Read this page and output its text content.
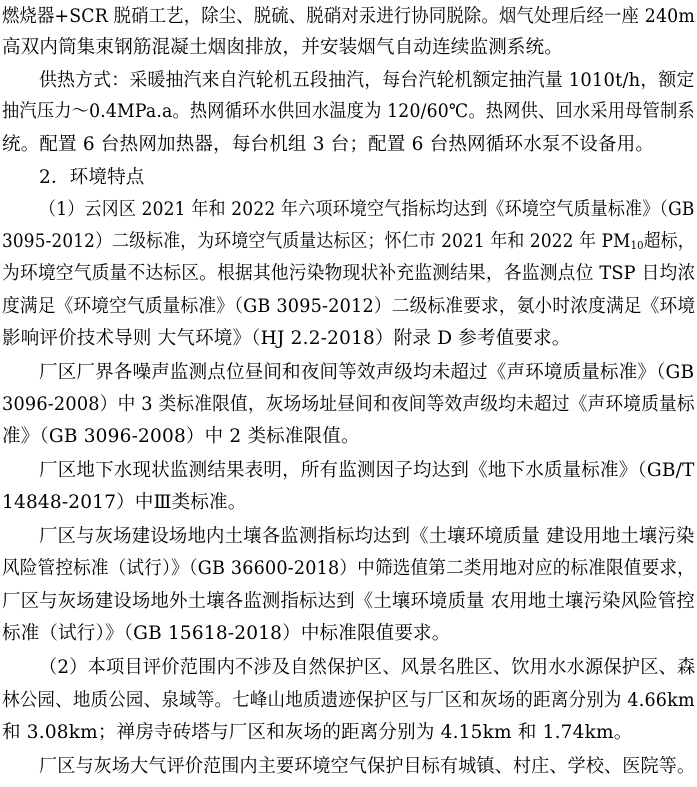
燃烧器+SCR 脱硝工艺，除尘、脱硫、脱硝对汞进行协同脱除。烟气处理后经一座 240m
高双内筒集束钢筋混凝土烟囱排放，并安装烟气自动连续监测系统。
供热方式：采暖抽汽来自汽轮机五段抽汽，每台汽轮机额定抽汽量 1010t/h，额定
抽汽压力～0.4MPa.a。热网循环水供回水温度为 120/60℃。热网供、回水采用母管制系
统。配置 6 台热网加热器，每台机组 3 台；配置 6 台热网循环水泵不设备用。
2．环境特点
（1）云冈区 2021 年和 2022 年六项环境空气指标均达到《环境空气质量标准》（GB
3095-2012）二级标准，为环境空气质量达标区；怀仁市 2021 年和 2022 年 $PM_{10}$超标，
为环境空气质量不达标区。根据其他污染物现状补充监测结果，各监测点位 TSP 日均浓
度满足《环境空气质量标准》（GB 3095-2012）二级标准要求，氨小时浓度满足《环境
影响评价技术导则 大气环境》（HJ 2.2-2018）附录 D 参考值要求。
厂区厂界各噪声监测点位昼间和夜间等效声级均未超过《声环境质量标准》（GB
3096-2008）中 3 类标准限值，灰场场址昼间和夜间等效声级均未超过《声环境质量标
准》（GB 3096-2008）中 2 类标准限值。
厂区地下水现状监测结果表明，所有监测因子均达到《地下水质量标准》（GB/T
14848-2017）中Ⅲ类标准。
厂区与灰场建设场地内土壤各监测指标均达到《土壤环境质量 建设用地土壤污染
风险管控标准（试行）》（GB 36600-2018）中筛选值第二类用地对应的标准限值要求，
厂区与灰场建设场地外土壤各监测指标达到《土壤环境质量 农用地土壤污染风险管控
标准（试行）》（GB 15618-2018）中标准限值要求。
（2）本项目评价范围内不涉及自然保护区、风景名胜区、饮用水水源保护区、森
林公园、地质公园、泉域等。七峰山地质遗迹保护区与厂区和灰场的距离分别为 4.66km
和 3.08km；禅房寺砖塔与厂区和灰场的距离分别为 4.15km 和 1.74km。
厂区与灰场大气评价范围内主要环境空气保护目标有城镇、村庄、学校、医院等。
